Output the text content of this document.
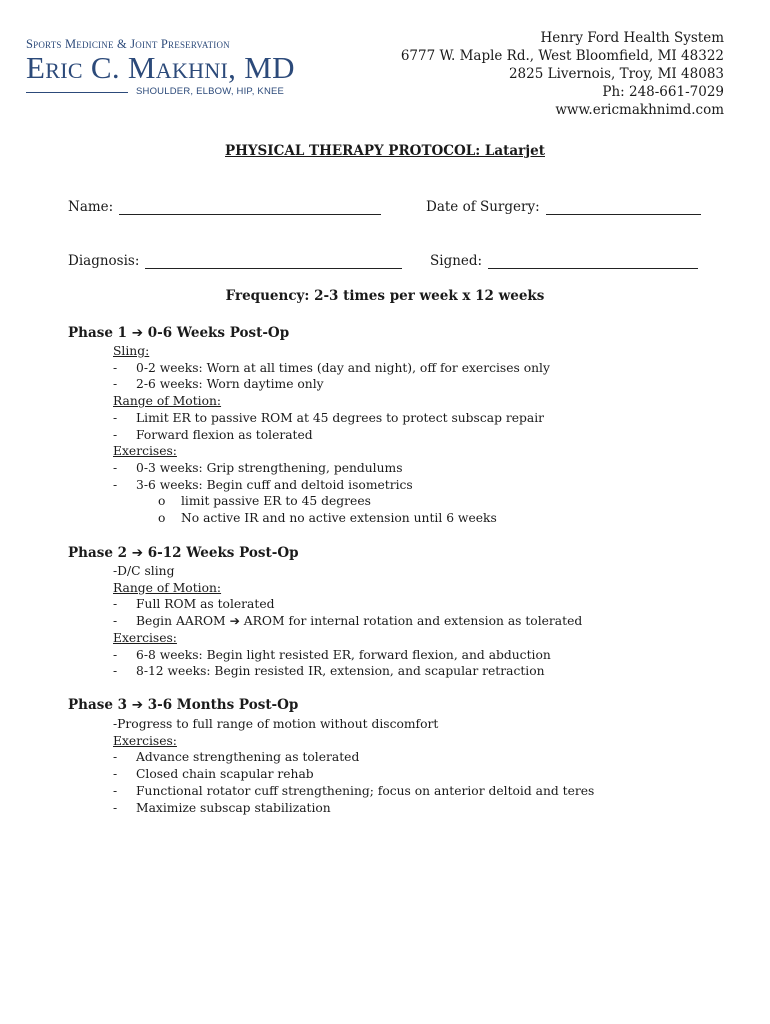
Sports Medicine & Joint Preservation
Eric C. Makhni, MD
SHOULDER, ELBOW, HIP, KNEE
Henry Ford Health System
6777 W. Maple Rd., West Bloomfield, MI 48322
2825 Livernois, Troy, MI 48083
Ph: 248-661-7029
www.ericmakhnimd.com
PHYSICAL THERAPY PROTOCOL: Latarjet
Name:	Date of Surgery:
Diagnosis:	Signed:
Frequency: 2-3 times per week x 12 weeks
Phase 1 ➔ 0-6 Weeks Post-Op
Sling:
- 0-2 weeks: Worn at all times (day and night), off for exercises only
- 2-6 weeks: Worn daytime only
Range of Motion:
- Limit ER to passive ROM at 45 degrees to protect subscap repair
- Forward flexion as tolerated
Exercises:
- 0-3 weeks: Grip strengthening, pendulums
- 3-6 weeks: Begin cuff and deltoid isometrics
o limit passive ER to 45 degrees
o No active IR and no active extension until 6 weeks
Phase 2 ➔ 6-12 Weeks Post-Op
-D/C sling
Range of Motion:
- Full ROM as tolerated
- Begin AAROM ➔ AROM for internal rotation and extension as tolerated
Exercises:
- 6-8 weeks: Begin light resisted ER, forward flexion, and abduction
- 8-12 weeks: Begin resisted IR, extension, and scapular retraction
Phase 3 ➔ 3-6 Months Post-Op
-Progress to full range of motion without discomfort
Exercises:
- Advance strengthening as tolerated
- Closed chain scapular rehab
- Functional rotator cuff strengthening; focus on anterior deltoid and teres
- Maximize subscap stabilization
